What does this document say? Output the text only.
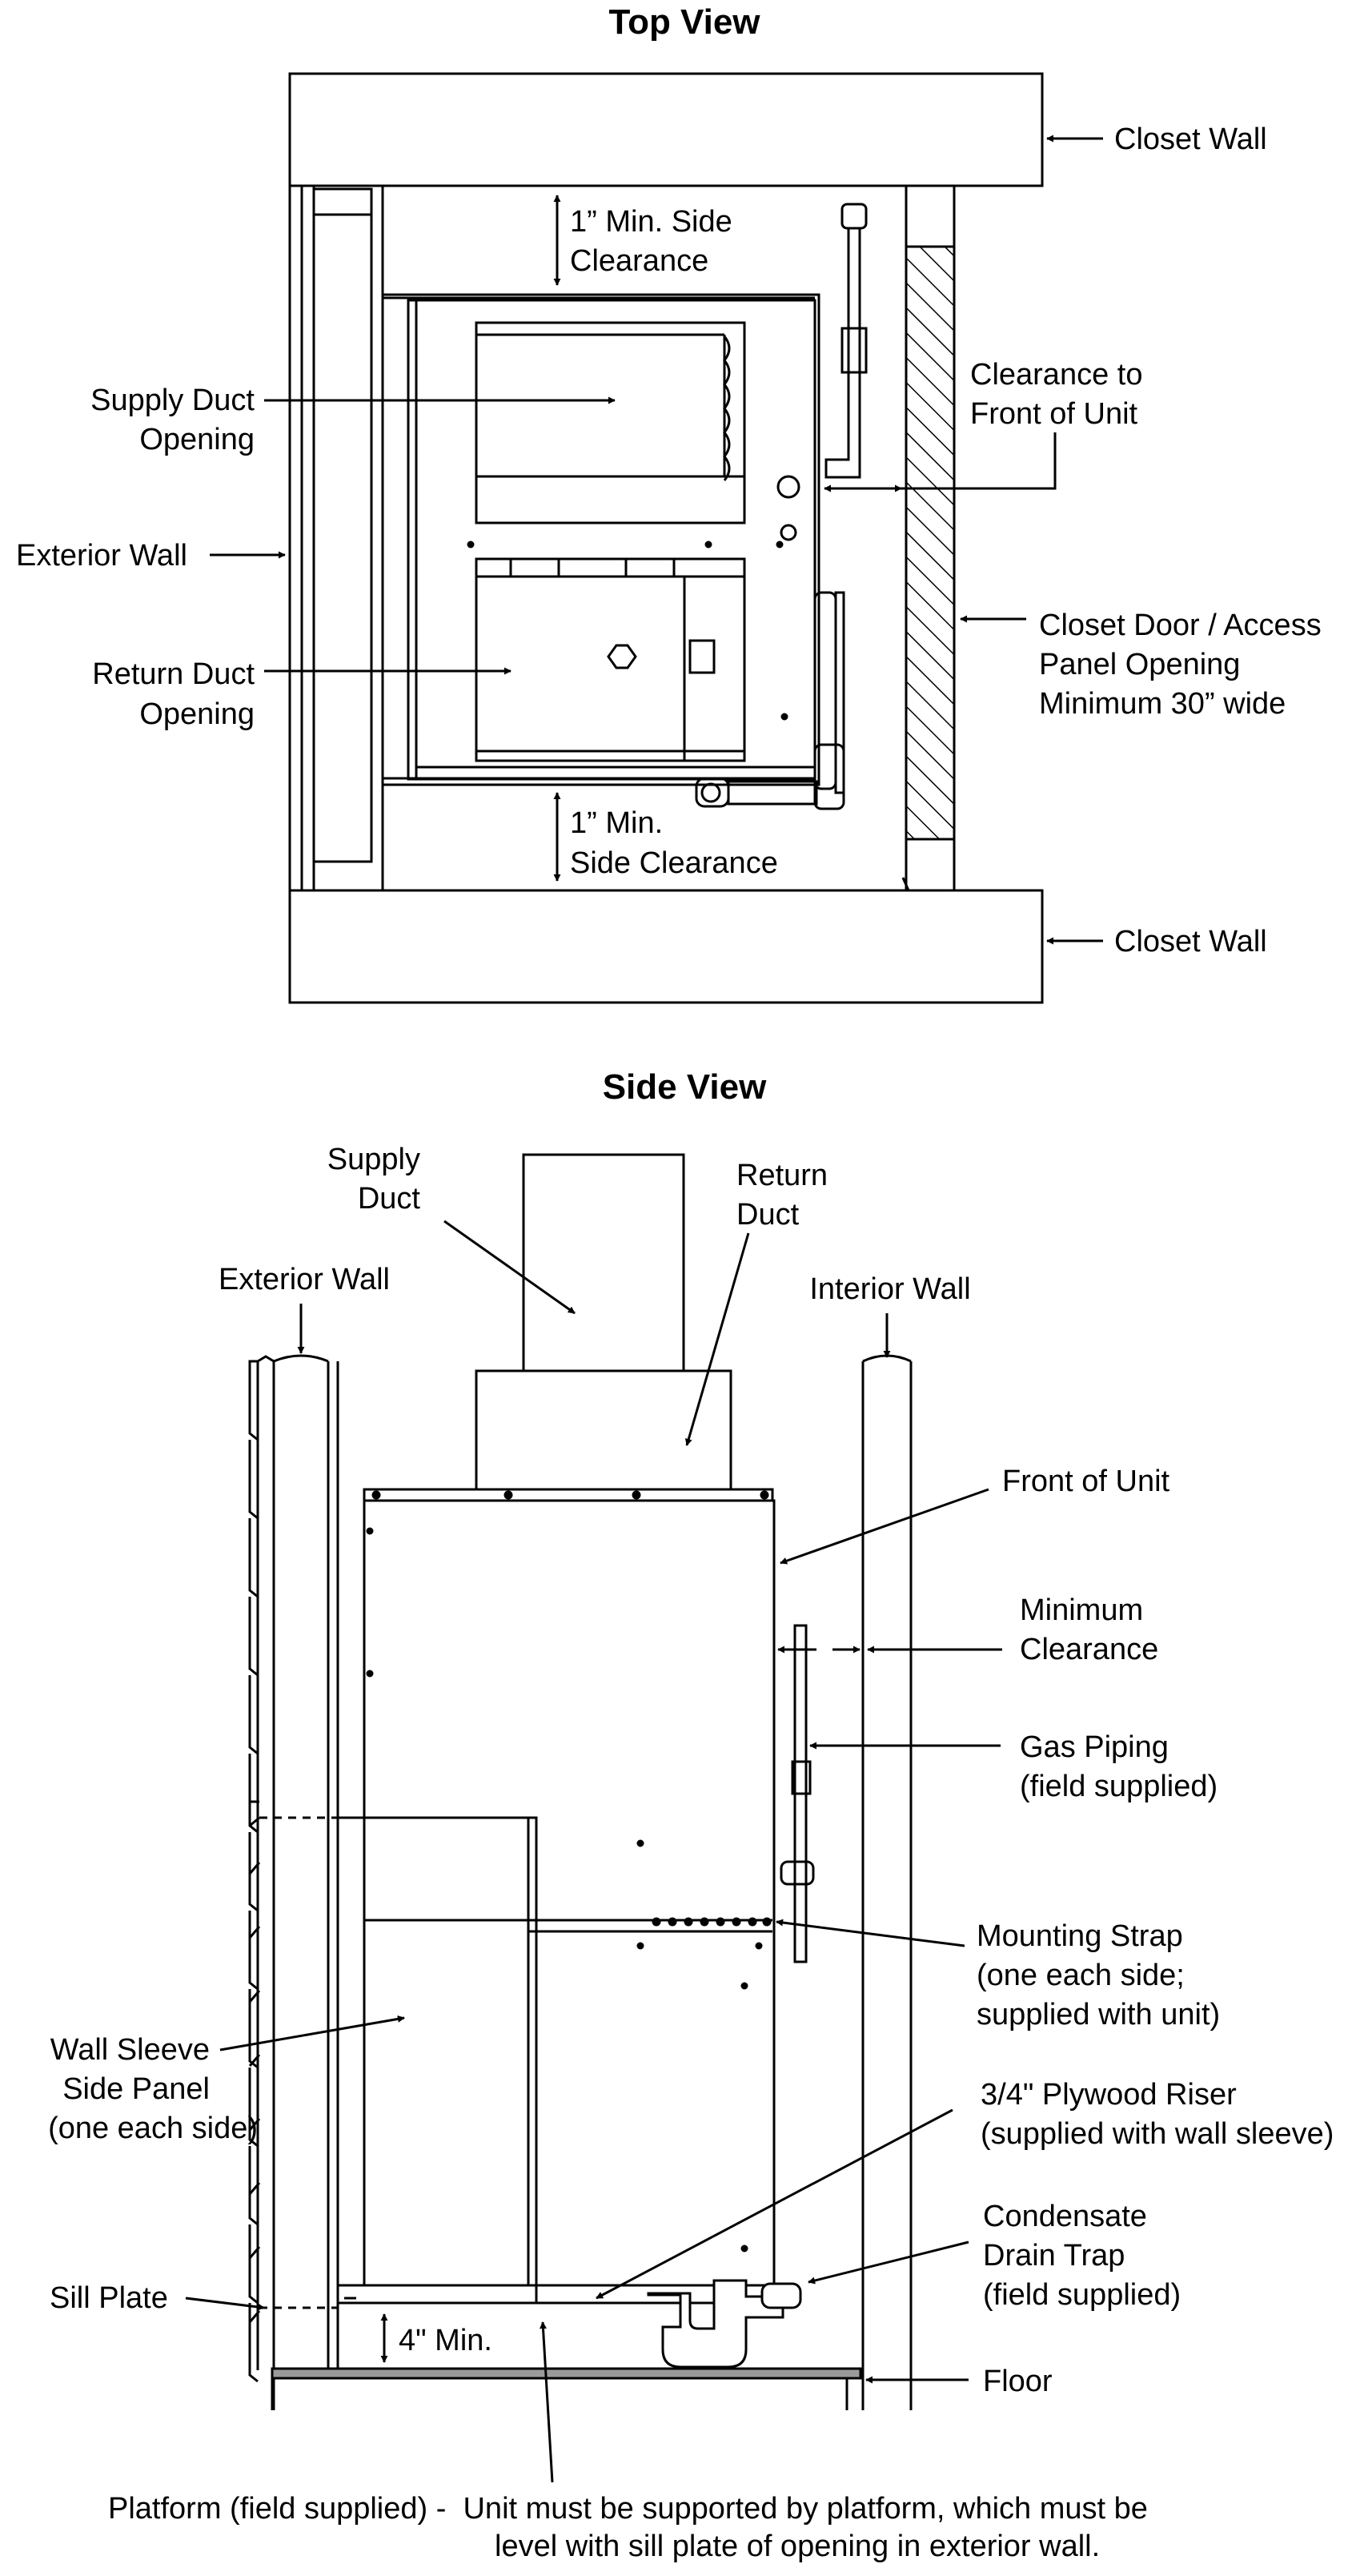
Top View
Closet Wall
1” Min. Side
Clearance
Supply Duct
Opening
Exterior Wall
Return Duct
Opening
Clearance to
Front of Unit
Closet Door / Access
Panel Opening
Minimum 30” wide
1” Min.
Side Clearance
Closet Wall
Side View
Supply
Duct
Return
Duct
Exterior Wall	Interior Wall
Front of Unit
Minimum
Clearance
Gas Piping
(field supplied)
Mounting Strap
(one each side;
supplied with unit)
Wall Sleeve
Side Panel
(one each side)
3/4" Plywood Riser
(supplied with wall sleeve)
Condensate
Drain Trap
(field supplied)
Sill Plate
4" Min.
Floor
Platform (field supplied) -  Unit must be supported by platform, which must be
level with sill plate of opening in exterior wall.
